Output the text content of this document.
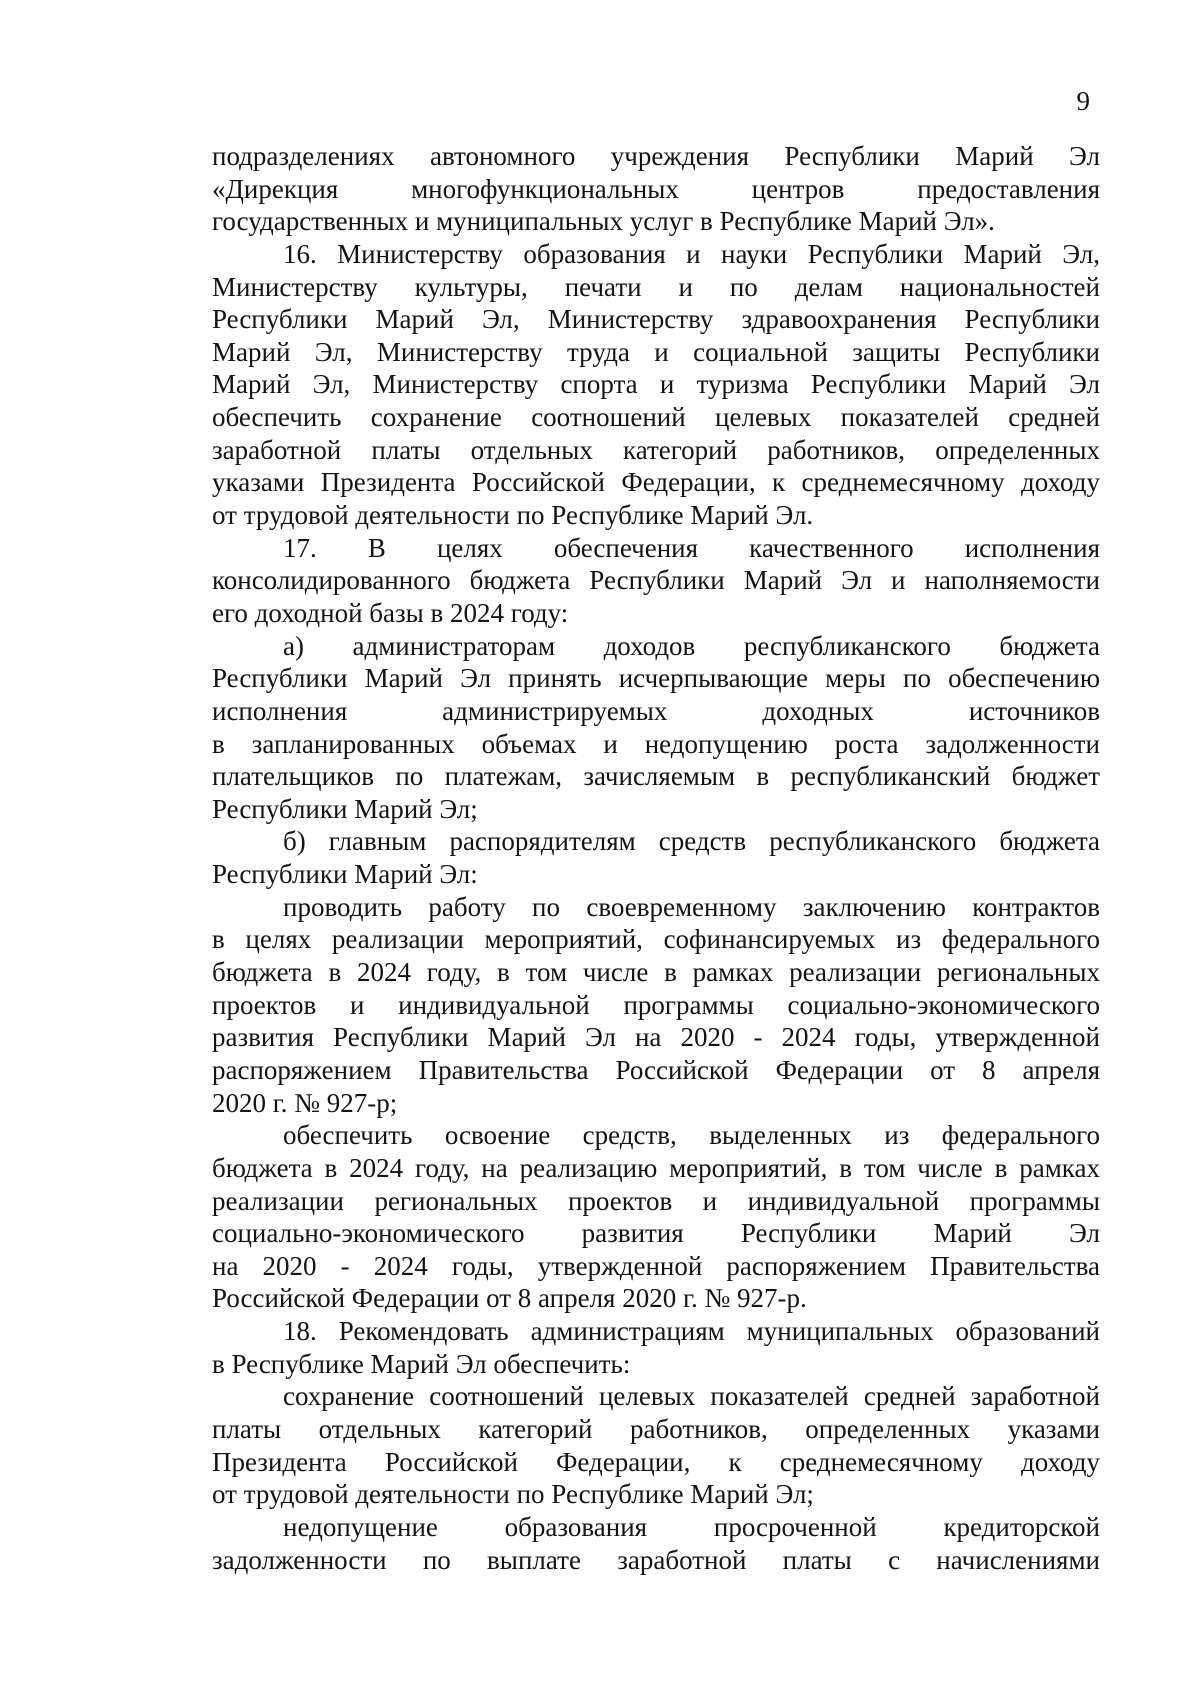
9
подразделениях автономного учреждения Республики Марий Эл
«Дирекция многофункциональных центров предоставления
государственных и муниципальных услуг в Республике Марий Эл».
16. Министерству образования и науки Республики Марий Эл,
Министерству культуры, печати и по делам национальностей
Республики Марий Эл, Министерству здравоохранения Республики
Марий Эл, Министерству труда и социальной защиты Республики
Марий Эл, Министерству спорта и туризма Республики Марий Эл
обеспечить сохранение соотношений целевых показателей средней
заработной платы отдельных категорий работников, определенных
указами Президента Российской Федерации, к среднемесячному доходу
от трудовой деятельности по Республике Марий Эл.
17. В целях обеспечения качественного исполнения
консолидированного бюджета Республики Марий Эл и наполняемости
его доходной базы в 2024 году:
а) администраторам доходов республиканского бюджета
Республики Марий Эл принять исчерпывающие меры по обеспечению
исполнения администрируемых доходных источников
в запланированных объемах и недопущению роста задолженности
плательщиков по платежам, зачисляемым в республиканский бюджет
Республики Марий Эл;
б) главным распорядителям средств республиканского бюджета
Республики Марий Эл:
проводить работу по своевременному заключению контрактов
в целях реализации мероприятий, софинансируемых из федерального
бюджета в 2024 году, в том числе в рамках реализации региональных
проектов и индивидуальной программы социально-экономического
развития Республики Марий Эл на 2020 - 2024 годы, утвержденной
распоряжением Правительства Российской Федерации от 8 апреля
2020 г. № 927-р;
обеспечить освоение средств, выделенных из федерального
бюджета в 2024 году, на реализацию мероприятий, в том числе в рамках
реализации региональных проектов и индивидуальной программы
социально-экономического развития Республики Марий Эл
на 2020 - 2024 годы, утвержденной распоряжением Правительства
Российской Федерации от 8 апреля 2020 г. № 927-р.
18. Рекомендовать администрациям муниципальных образований
в Республике Марий Эл обеспечить:
сохранение соотношений целевых показателей средней заработной
платы отдельных категорий работников, определенных указами
Президента Российской Федерации, к среднемесячному доходу
от трудовой деятельности по Республике Марий Эл;
недопущение образования просроченной кредиторской
задолженности по выплате заработной платы с начислениями
